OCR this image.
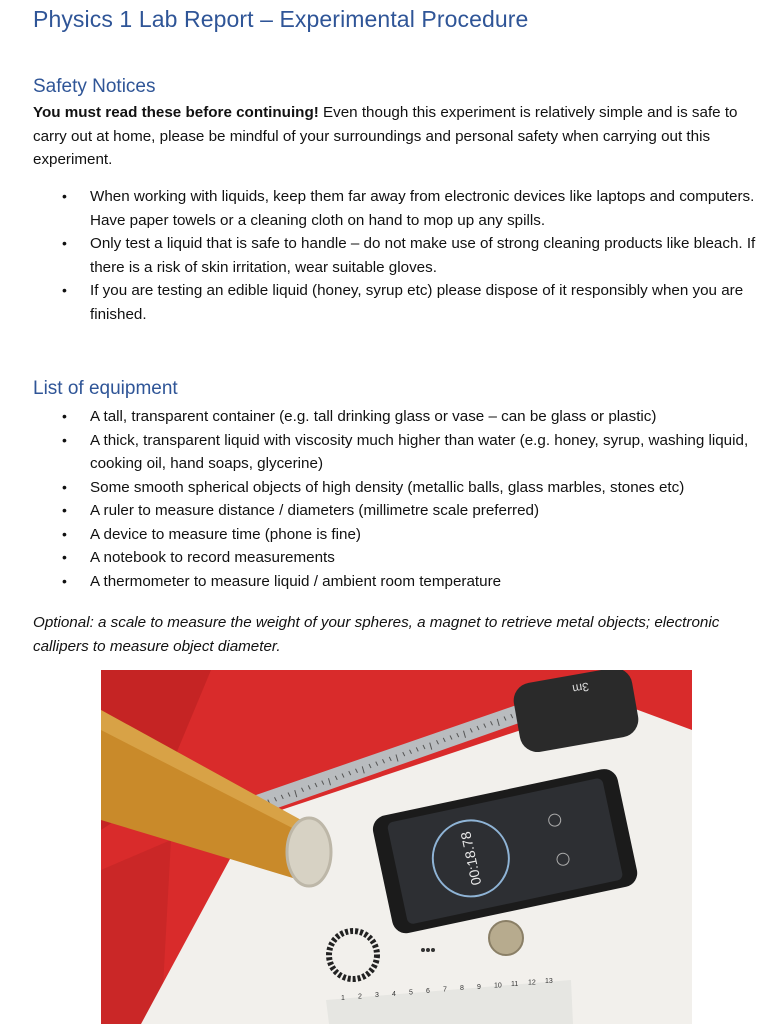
Physics 1 Lab Report – Experimental Procedure
Safety Notices
You must read these before continuing! Even though this experiment is relatively simple and is safe to carry out at home, please be mindful of your surroundings and personal safety when carrying out this experiment.
• When working with liquids, keep them far away from electronic devices like laptops and computers. Have paper towels or a cleaning cloth on hand to mop up any spills.
• Only test a liquid that is safe to handle – do not make use of strong cleaning products like bleach. If there is a risk of skin irritation, wear suitable gloves.
• If you are testing an edible liquid (honey, syrup etc) please dispose of it responsibly when you are finished.
List of equipment
• A tall, transparent container (e.g. tall drinking glass or vase – can be glass or plastic)
• A thick, transparent liquid with viscosity much higher than water (e.g. honey, syrup, washing liquid, cooking oil, hand soaps, glycerine)
• Some smooth spherical objects of high density (metallic balls, glass marbles, stones etc)
• A ruler to measure distance / diameters (millimetre scale preferred)
• A device to measure time (phone is fine)
• A notebook to record measurements
• A thermometer to measure liquid / ambient room temperature
Optional: a scale to measure the weight of your spheres, a magnet to retrieve metal objects; electronic callipers to measure object diameter.
3m
00:18.78
1 2 3 4 5 6 7 8 9 10 11 12 13
